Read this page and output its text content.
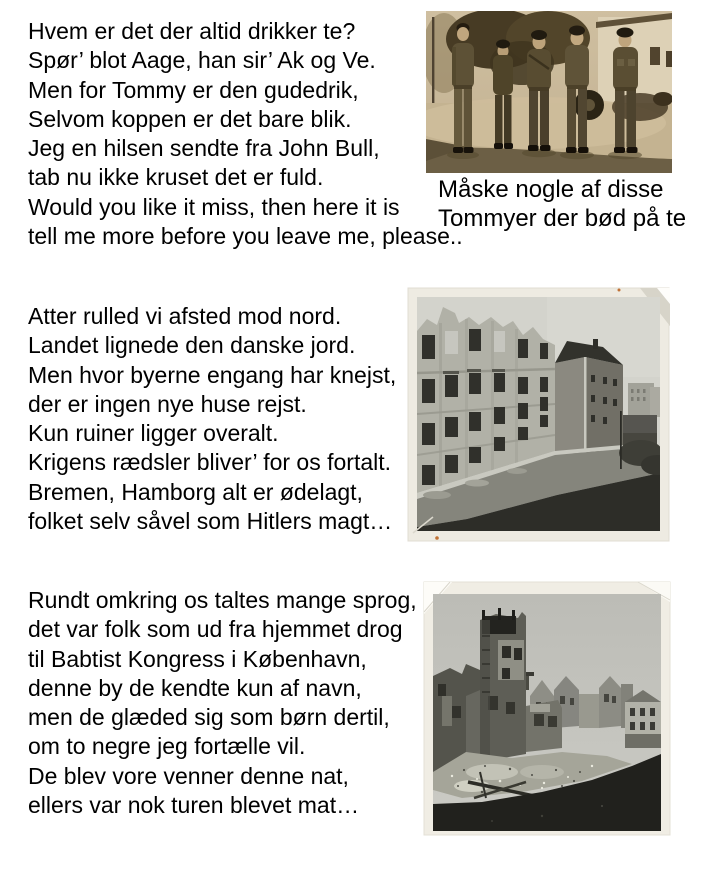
Hvem er det der altid drikker te?
Spør’ blot Aage, han sir’ Ak og Ve.
Men for Tommy er den gudedrik,
Selvom koppen er det bare blik.
Jeg en hilsen sendte fra John Bull,
tab nu ikke kruset det er fuld.
Would you like it miss, then here it is
tell me more before you leave me, please..
Måske nogle af disse
Tommyer der bød på te
Atter rulled vi afsted mod nord.
Landet lignede den danske jord.
Men hvor byerne engang har knejst,
der er ingen nye huse rejst.
Kun ruiner ligger overalt.
Krigens rædsler bliver’ for os fortalt.
Bremen, Hamborg alt er ødelagt,
folket selv såvel som Hitlers magt…
Rundt omkring os taltes mange sprog,
det var folk som ud fra hjemmet drog
til Babtist Kongress i København,
denne by de kendte kun af navn,
men de glæded sig som børn dertil,
om to negre jeg fortælle vil.
De blev vore venner denne nat,
ellers var nok turen blevet mat…
